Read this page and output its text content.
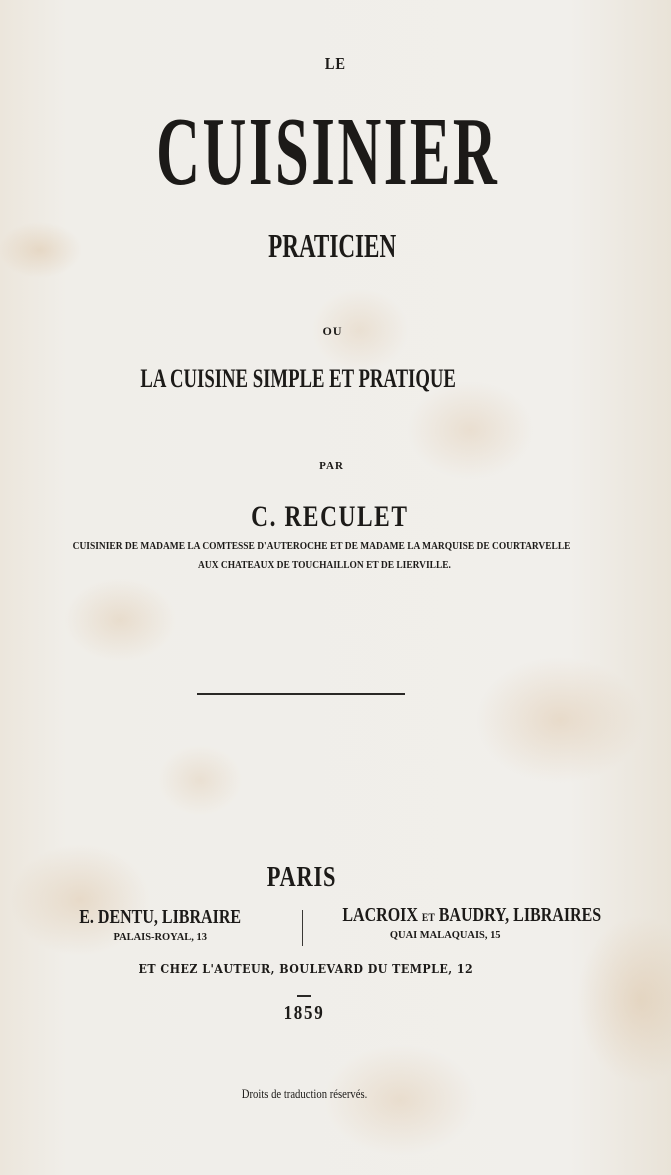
LE
CUISINIER
PRATICIEN
OU
LA CUISINE SIMPLE ET PRATIQUE
PAR
C. RECULET
CUISINIER DE MADAME LA COMTESSE D'AUTEROCHE ET DE MADAME LA MARQUISE DE COURTARVELLE
AUX CHATEAUX DE TOUCHAILLON ET DE LIERVILLE.
PARIS
E. DENTU, LIBRAIRE
PALAIS-ROYAL, 13
LACROIX ET BAUDRY, LIBRAIRES
QUAI MALAQUAIS, 15
ET CHEZ L'AUTEUR, BOULEVARD DU TEMPLE, 12
1859
Droits de traduction réservés.
